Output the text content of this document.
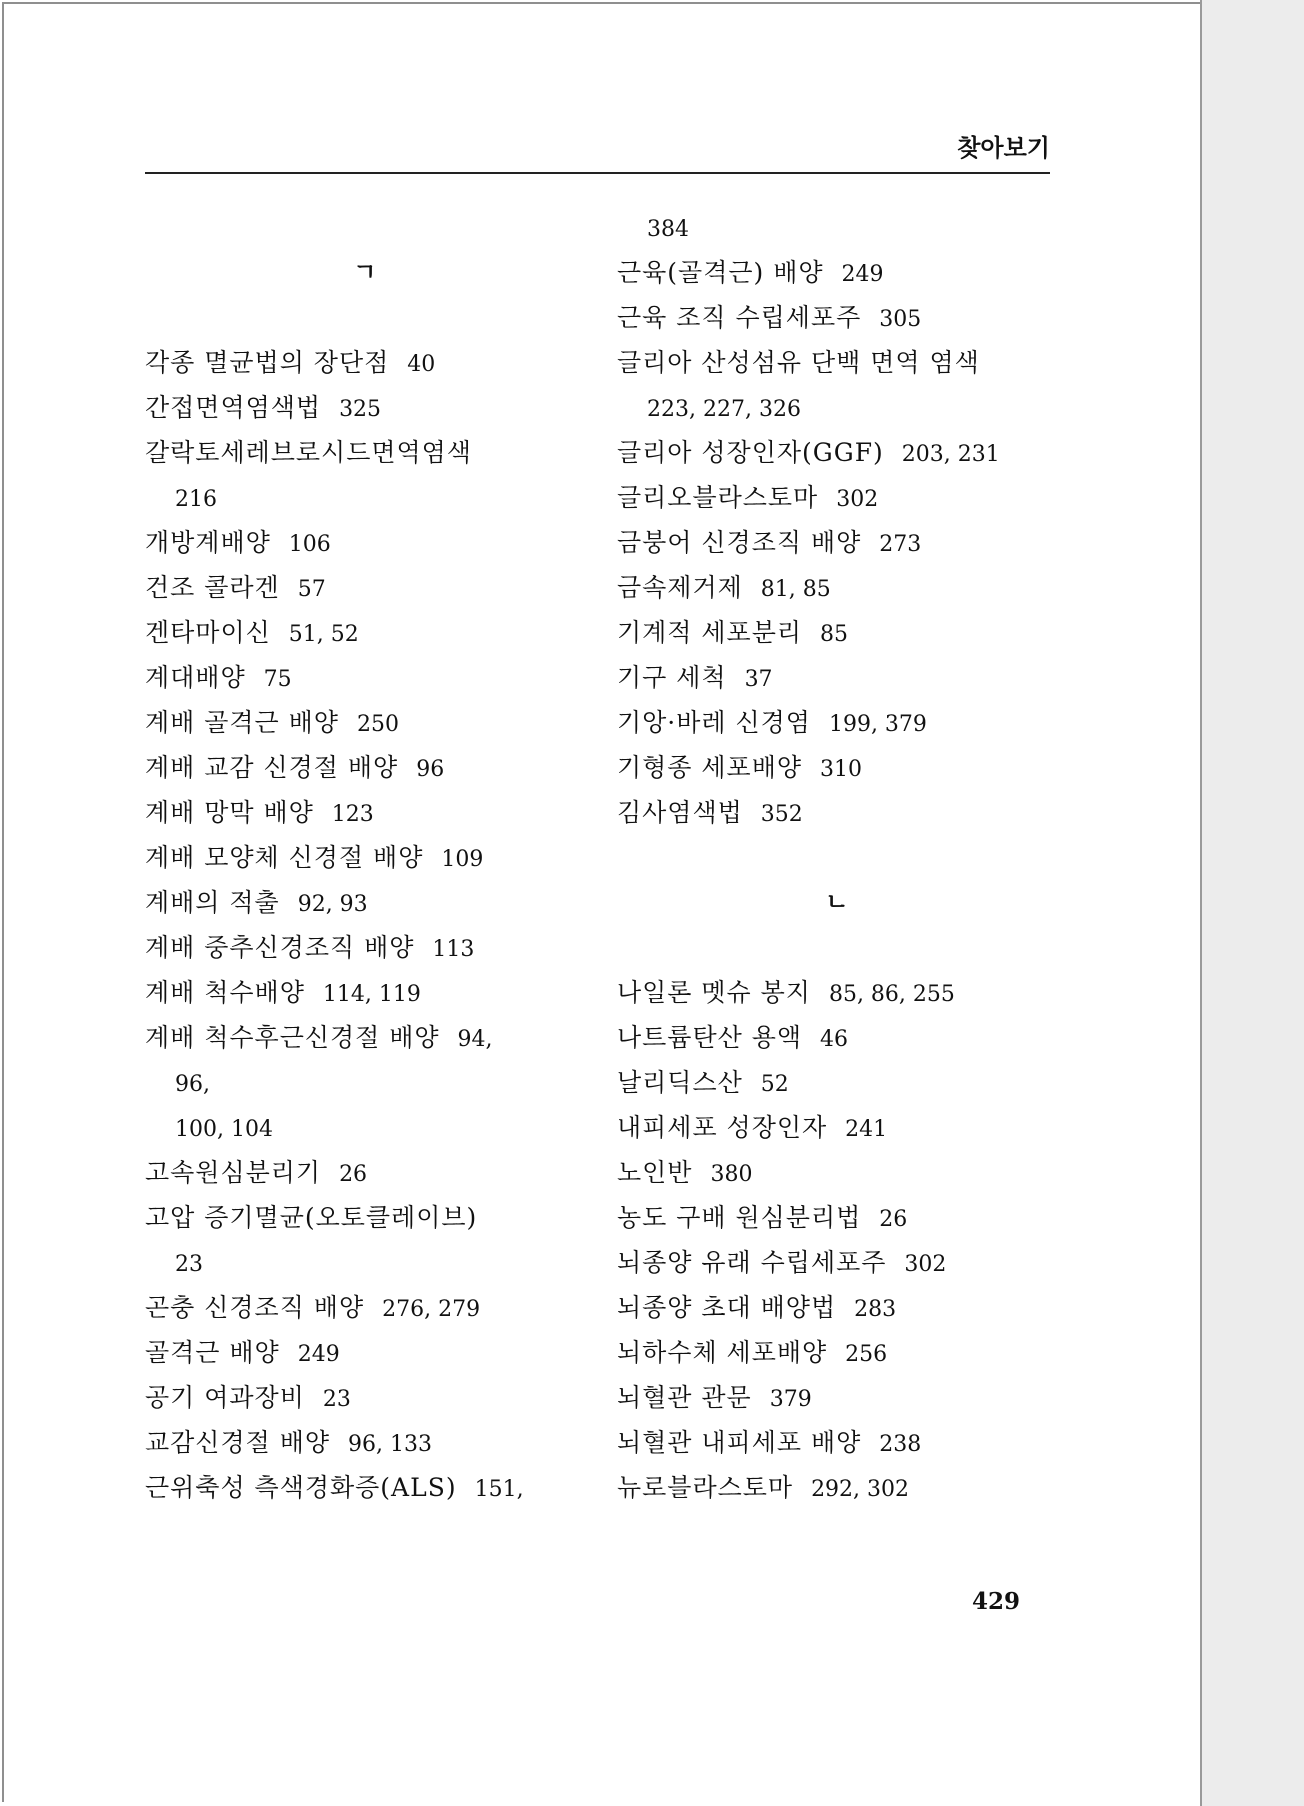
찾아보기
ㄱ
각종 멸균법의 장단점 40
간접면역염색법 325
갈락토세레브로시드면역염색
216
개방계배양 106
건조 콜라겐 57
겐타마이신 51, 52
계대배양 75
계배 골격근 배양 250
계배 교감 신경절 배양 96
계배 망막 배양 123
계배 모양체 신경절 배양 109
계배의 적출 92, 93
계배 중추신경조직 배양 113
계배 척수배양 114, 119
계배 척수후근신경절 배양 94,
96,
100, 104
고속원심분리기 26
고압 증기멸균(오토클레이브)
23
곤충 신경조직 배양 276, 279
골격근 배양 249
공기 여과장비 23
교감신경절 배양 96, 133
근위축성 측색경화증(ALS) 151,
384
근육(골격근) 배양 249
근육 조직 수립세포주 305
글리아 산성섬유 단백 면역 염색
223, 227, 326
글리아 성장인자(GGF) 203, 231
글리오블라스토마 302
금붕어 신경조직 배양 273
금속제거제 81, 85
기계적 세포분리 85
기구 세척 37
기앙·바레 신경염 199, 379
기형종 세포배양 310
김사염색법 352
ㄴ
나일론 멧슈 봉지 85, 86, 255
나트륨탄산 용액 46
날리딕스산 52
내피세포 성장인자 241
노인반 380
농도 구배 원심분리법 26
뇌종양 유래 수립세포주 302
뇌종양 초대 배양법 283
뇌하수체 세포배양 256
뇌혈관 관문 379
뇌혈관 내피세포 배양 238
뉴로블라스토마 292, 302
429
